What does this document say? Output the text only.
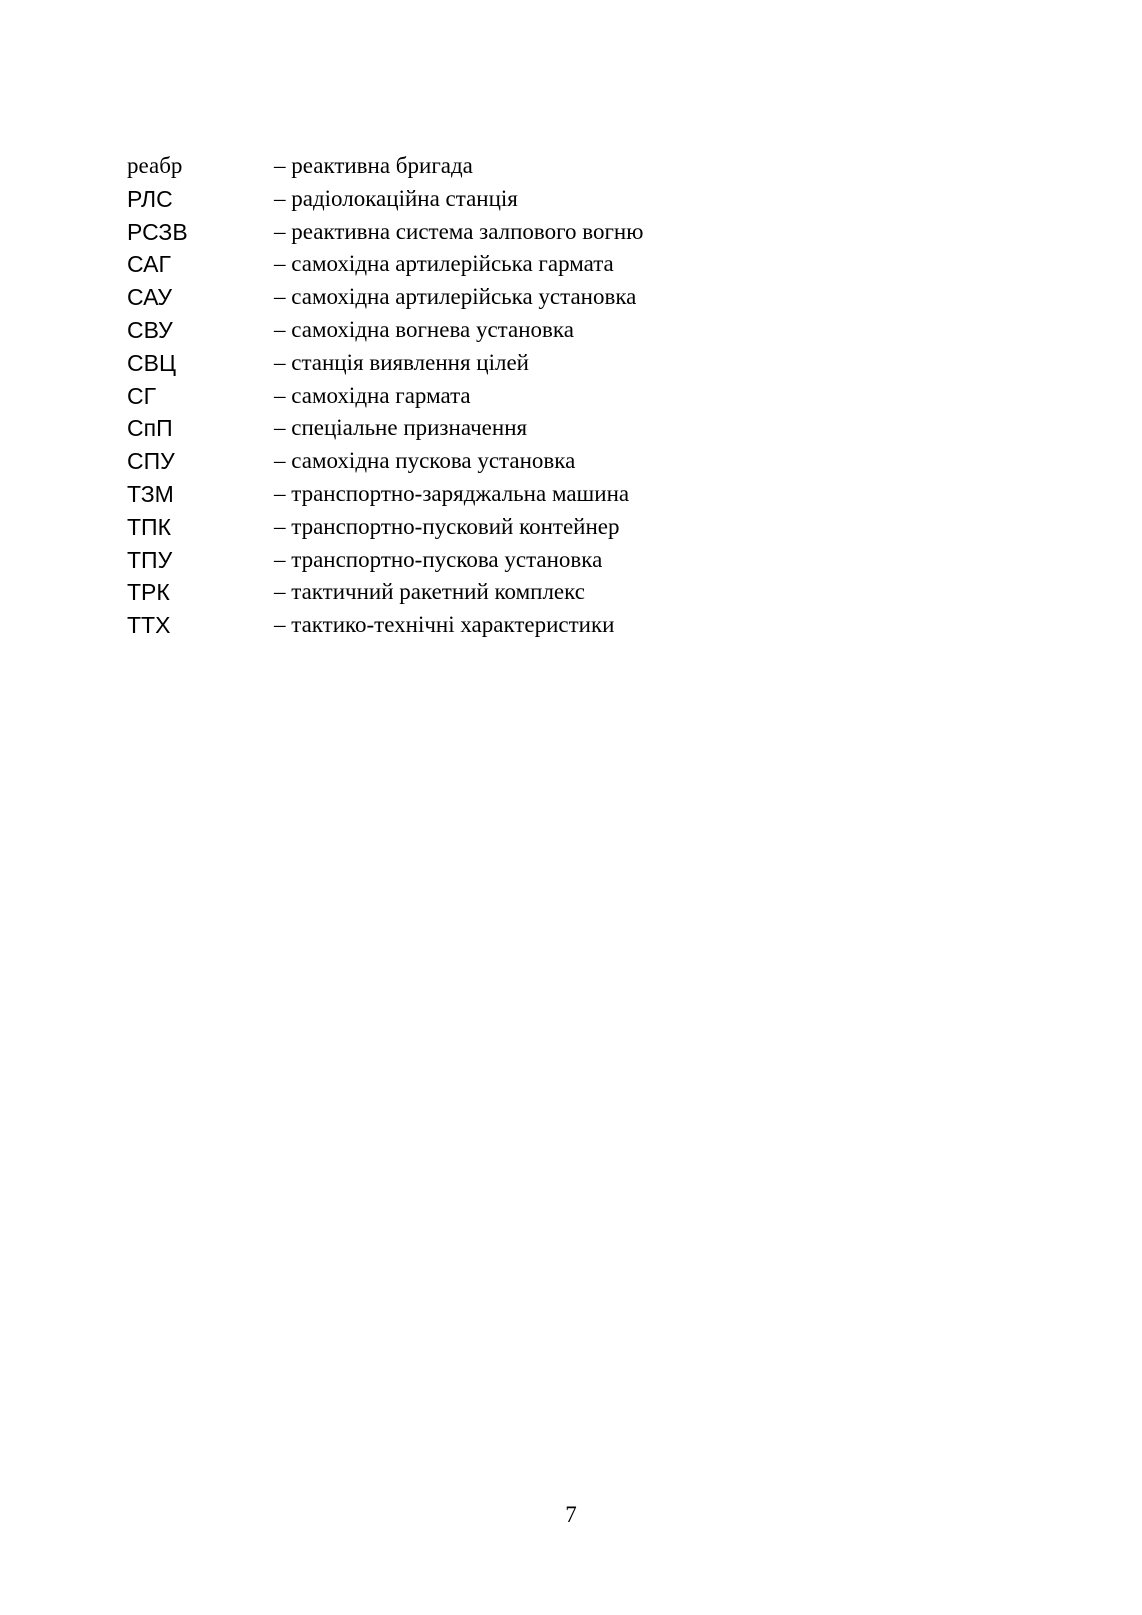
реабр	– реактивна бригада
РЛС	– радіолокаційна станція
РСЗВ	– реактивна система залпового вогню
САГ	– самохідна артилерійська гармата
САУ	– самохідна артилерійська установка
СВУ	– самохідна вогнева установка
СВЦ	– станція виявлення цілей
СГ	– самохідна гармата
СпП	– спеціальне призначення
СПУ	– самохідна пускова установка
ТЗМ	– транспортно-заряджальна машина
ТПК	– транспортно-пусковий контейнер
ТПУ	– транспортно-пускова установка
ТРК	– тактичний ракетний комплекс
ТТХ	– тактико-технічні характеристики
7
